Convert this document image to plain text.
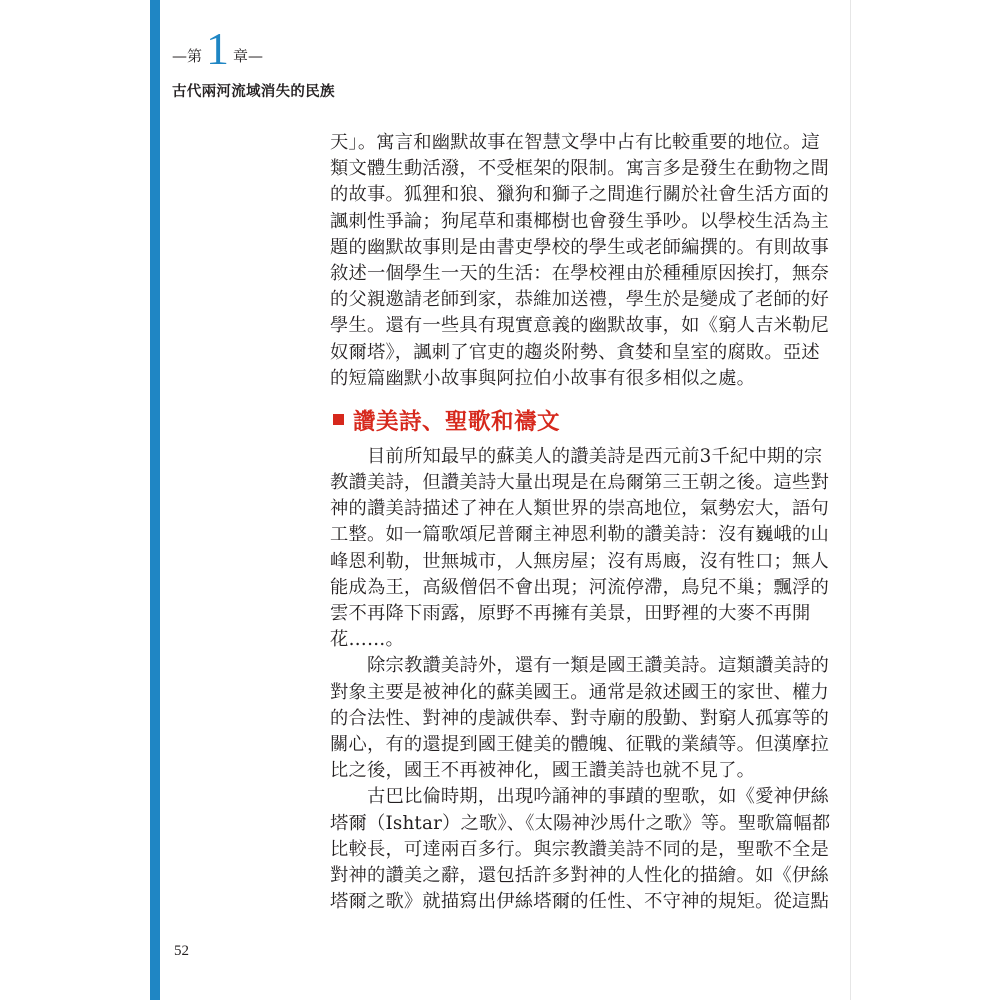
—第 1 章—
古代兩河流域消失的民族
天」。寓言和幽默故事在智慧文學中占有比較重要的地位。這
類文體生動活潑，不受框架的限制。寓言多是發生在動物之間
的故事。狐狸和狼、獵狗和獅子之間進行關於社會生活方面的
諷刺性爭論；狗尾草和棗椰樹也會發生爭吵。以學校生活為主
題的幽默故事則是由書吏學校的學生或老師編撰的。有則故事
敘述一個學生一天的生活：在學校裡由於種種原因挨打，無奈
的父親邀請老師到家，恭維加送禮，學生於是變成了老師的好
學生。還有一些具有現實意義的幽默故事，如《窮人吉米勒尼
奴爾塔》，諷刺了官吏的趨炎附勢、貪婪和皇室的腐敗。亞述
的短篇幽默小故事與阿拉伯小故事有很多相似之處。
讚美詩、聖歌和禱文
目前所知最早的蘇美人的讚美詩是西元前3千紀中期的宗
教讚美詩，但讚美詩大量出現是在烏爾第三王朝之後。這些對
神的讚美詩描述了神在人類世界的崇高地位，氣勢宏大，語句
工整。如一篇歌頌尼普爾主神恩利勒的讚美詩：沒有巍峨的山
峰恩利勒，世無城市，人無房屋；沒有馬廄，沒有牲口；無人
能成為王，高級僧侶不會出現；河流停滯，鳥兒不巢；飄浮的
雲不再降下雨露，原野不再擁有美景，田野裡的大麥不再開
花……。
除宗教讚美詩外，還有一類是國王讚美詩。這類讚美詩的
對象主要是被神化的蘇美國王。通常是敘述國王的家世、權力
的合法性、對神的虔誠供奉、對寺廟的殷勤、對窮人孤寡等的
關心，有的還提到國王健美的體魄、征戰的業績等。但漢摩拉
比之後，國王不再被神化，國王讚美詩也就不見了。
古巴比倫時期，出現吟誦神的事蹟的聖歌，如《愛神伊絲
塔爾（Ishtar）之歌》、《太陽神沙馬什之歌》等。聖歌篇幅都
比較長，可達兩百多行。與宗教讚美詩不同的是，聖歌不全是
對神的讚美之辭，還包括許多對神的人性化的描繪。如《伊絲
塔爾之歌》就描寫出伊絲塔爾的任性、不守神的規矩。從這點
52
